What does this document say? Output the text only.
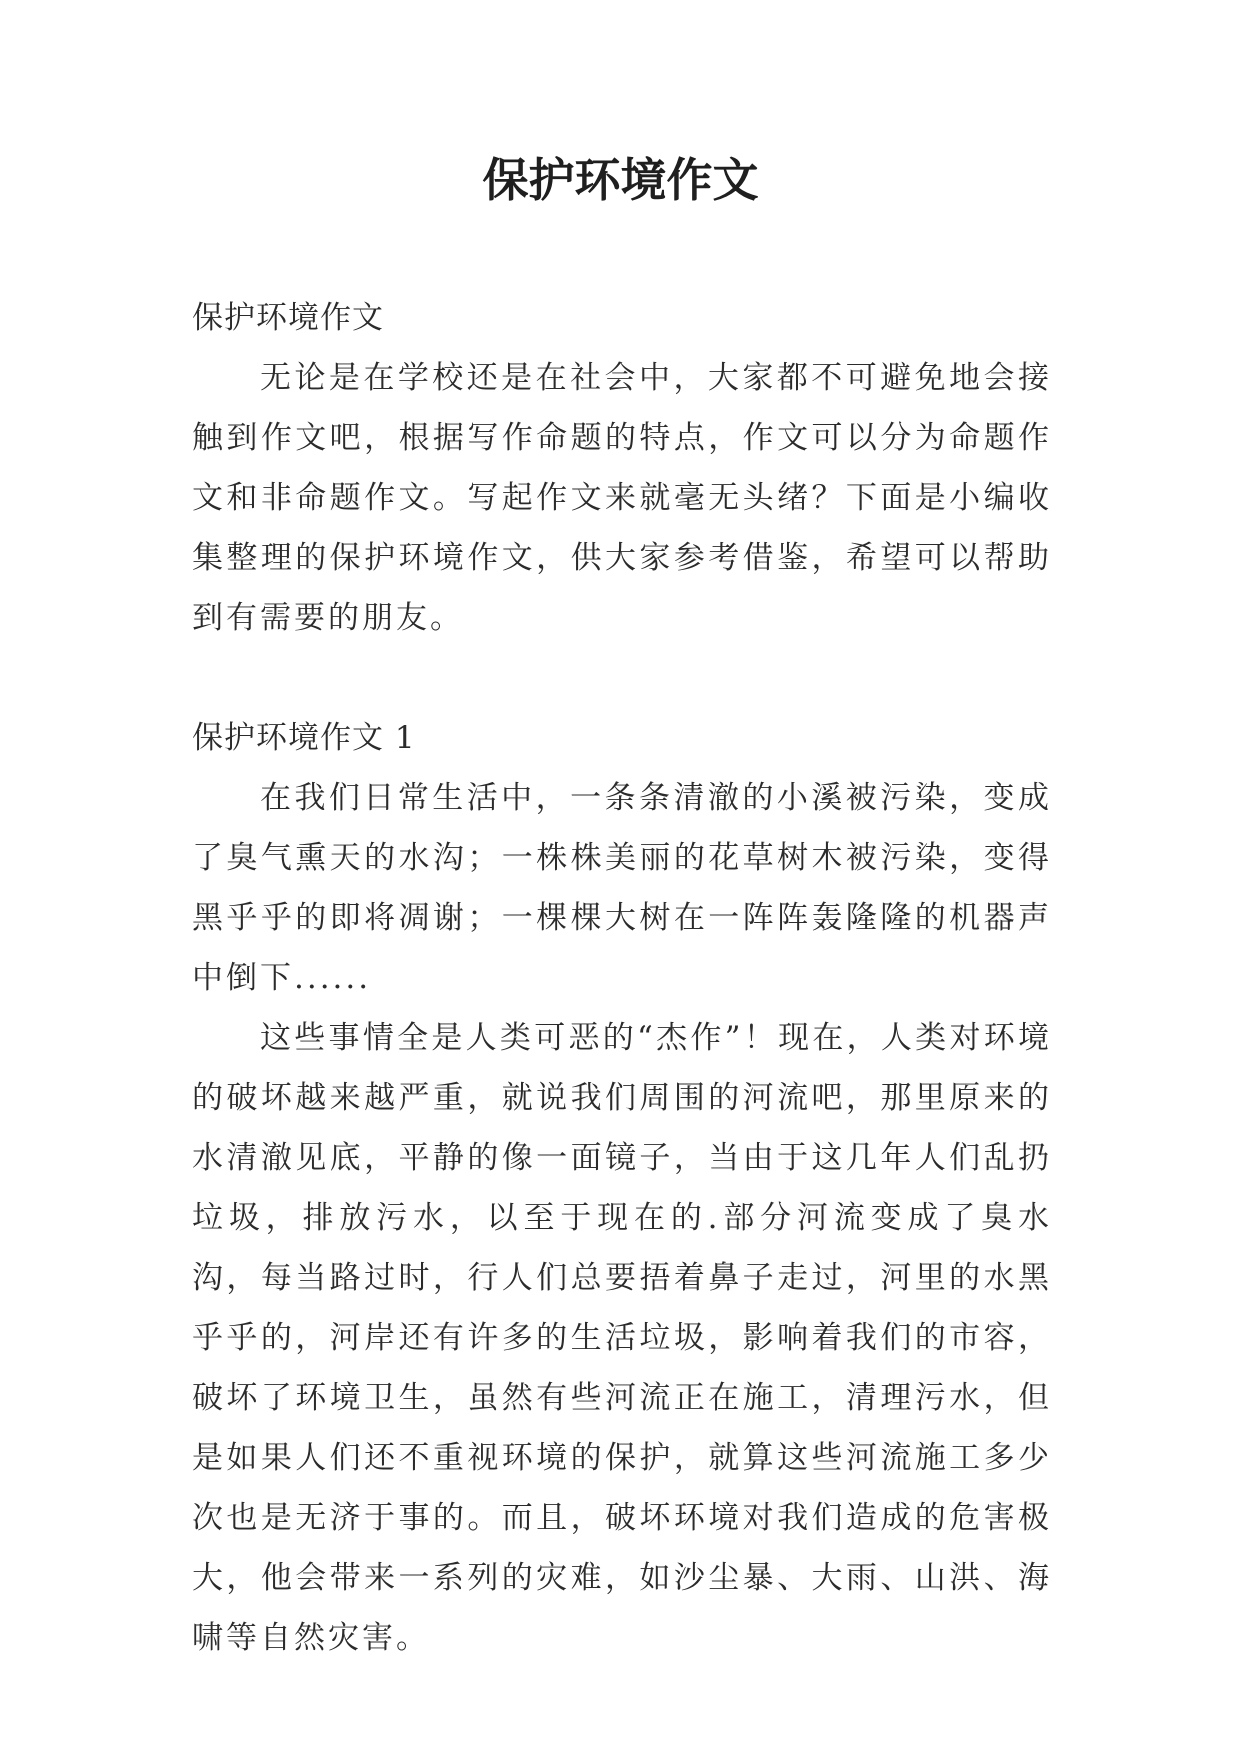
保护环境作文

保护环境作文

无论是在学校还是在社会中，大家都不可避免地会接触到作文吧，根据写作命题的特点，作文可以分为命题作文和非命题作文。写起作文来就毫无头绪？下面是小编收集整理的保护环境作文，供大家参考借鉴，希望可以帮助到有需要的朋友。

保护环境作文 1

在我们日常生活中，一条条清澈的小溪被污染，变成了臭气熏天的水沟；一株株美丽的花草树木被污染，变得黑乎乎的即将凋谢；一棵棵大树在一阵阵轰隆隆的机器声中倒下......

这些事情全是人类可恶的“杰作”！现在，人类对环境的破坏越来越严重，就说我们周围的河流吧，那里原来的水清澈见底，平静的像一面镜子，当由于这几年人们乱扔垃圾，排放污水，以至于现在的.部分河流变成了臭水沟，每当路过时，行人们总要捂着鼻子走过，河里的水黑乎乎的，河岸还有许多的生活垃圾，影响着我们的市容，破坏了环境卫生，虽然有些河流正在施工，清理污水，但是如果人们还不重视环境的保护，就算这些河流施工多少次也是无济于事的。而且，破坏环境对我们造成的危害极大，他会带来一系列的灾难，如沙尘暴、大雨、山洪、海啸等自然灾害。
